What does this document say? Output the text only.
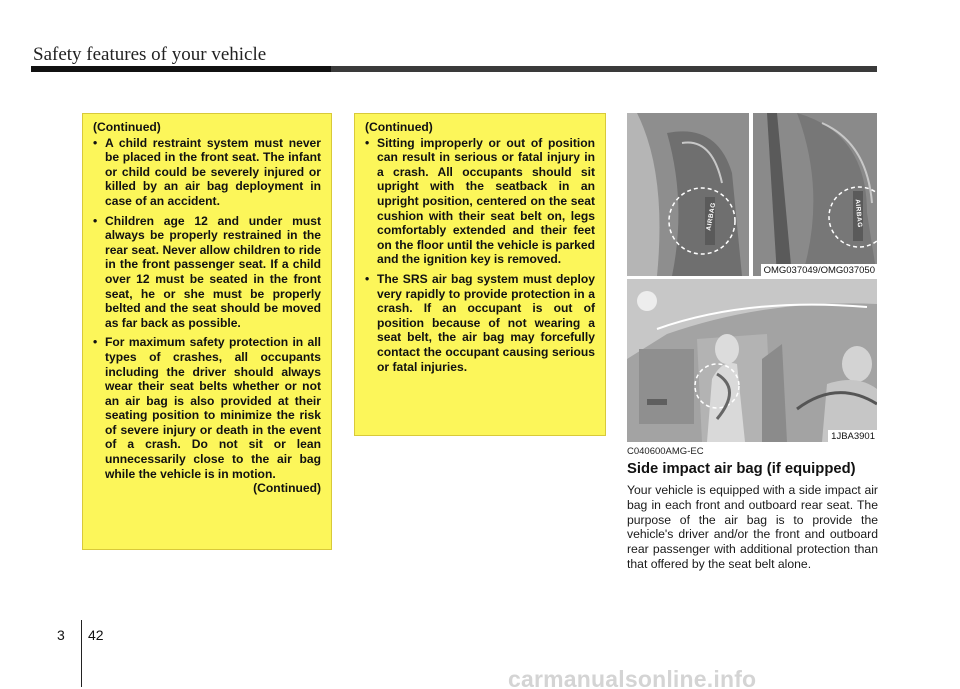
Safety features of your vehicle
(Continued)
• A child restraint system must never be placed in the front seat. The infant or child could be severely injured or killed by an air bag deployment in case of an accident.
• Children age 12 and under must always be properly restrained in the rear seat. Never allow children to ride in the front passenger seat. If a child over 12 must be seated in the front seat, he or she must be properly belted and the seat should be moved as far back as possible.
• For maximum safety protection in all types of crashes, all occupants including the driver should always wear their seat belts whether or not an air bag is also provided at their seating position to minimize the risk of severe injury or death in the event of a crash. Do not sit or lean unnecessarily close to the air bag while the vehicle is in motion.
(Continued)
(Continued)
• Sitting improperly or out of position can result in serious or fatal injury in a crash. All occupants should sit upright with the seatback in an upright position, centered on the seat cushion with their seat belt on, legs comfortably extended and their feet on the floor until the vehicle is parked and the ignition key is removed.
• The SRS air bag system must deploy very rapidly to provide protection in a crash. If an occupant is out of position because of not wearing a seat belt, the air bag may forcefully contact the occupant causing serious or fatal injuries.
AIRBAG	AIRBAG
OMG037049/OMG037050
1JBA3901
C040600AMG-EC
Side impact air bag (if equipped)
Your vehicle is equipped with a side impact air bag in each front and outboard rear seat. The purpose of the air bag is to provide the vehicle's driver and/or the front and outboard rear passenger with additional protection than that offered by the seat belt alone.
3 42
carmanualsonline.info
